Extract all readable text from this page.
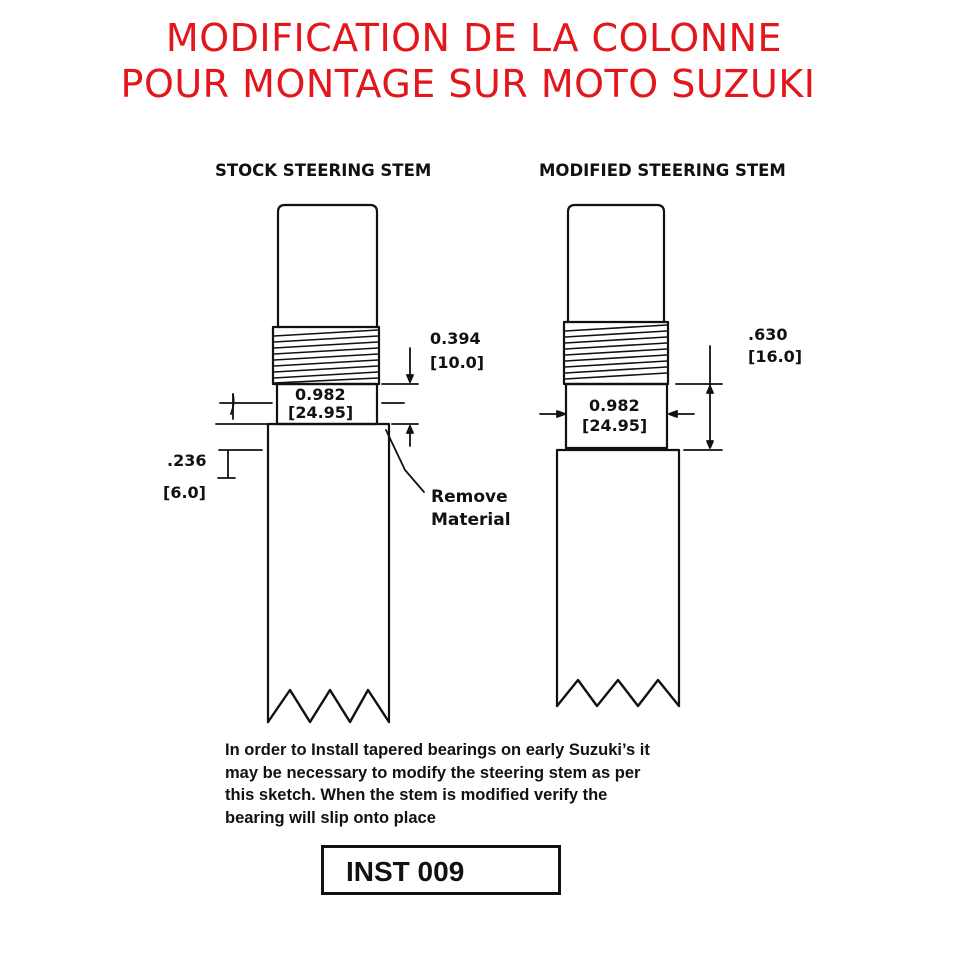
MODIFICATION DE LA COLONNE
POUR MONTAGE SUR MOTO SUZUKI
STOCK STEERING STEM	MODIFIED STEERING STEM
0.394
[10.0]
0.982
[24.95]
.236
[6.0]	Remove
Material
.630
[16.0]
0.982
[24.95]
In order to Install tapered bearings on early Suzuki’s it
may be necessary to modify the steering stem as per
this sketch. When the stem is modified verify the
bearing will slip onto place
INST 009
